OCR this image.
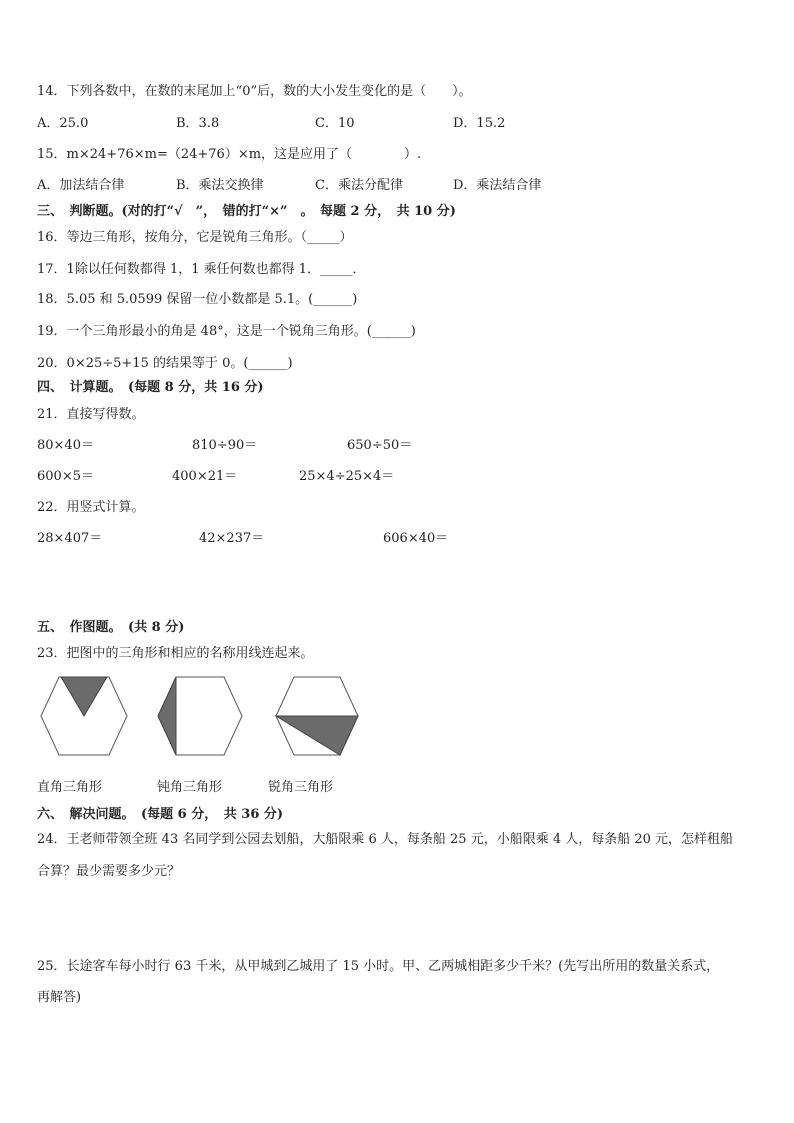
14．下列各数中，在数的末尾加上“0”后，数的大小发生变化的是（　　）。
A．25.0	B．3.8	C．10	D．15.2
15．m×24+76×m=（24+76）×m，这是应用了（　　　　）.
A．加法结合律	B．乘法交换律	C．乘法分配律	D．乘法结合律
三、　判断题。(对的打“√　”，　错的打“×”　。　每题 2 分，　共 10 分)
16．等边三角形，按角分，它是锐角三角形。（_____）
17．1除以任何数都得 1，1 乘任何数也都得 1．_____．
18．5.05 和 5.0599 保留一位小数都是 5.1。(______)
19．一个三角形最小的角是 48°，这是一个锐角三角形。(______)
20．0×25÷5+15 的结果等于 0。(______)
四、　计算题。　(每题 8 分，共 16 分)
21．直接写得数。
80×40＝	810÷90＝	650÷50＝
600×5＝	400×21＝	25×4÷25×4＝
22．用竖式计算。
28×407＝	42×237＝	606×40＝
五、　作图题。　(共 8 分)
23．把图中的三角形和相应的名称用线连起来。
直角三角形	钝角三角形	锐角三角形
六、　解决问题。　(每题 6 分，　共 36 分)
24．王老师带领全班 43 名同学到公园去划船，大船限乘 6 人，每条船 25 元，小船限乘 4 人，每条船 20 元，怎样租船
合算？最少需要多少元？
25．长途客车每小时行 63 千米，从甲城到乙城用了 15 小时。甲、乙两城相距多少千米？(先写出所用的数量关系式，
再解答)
